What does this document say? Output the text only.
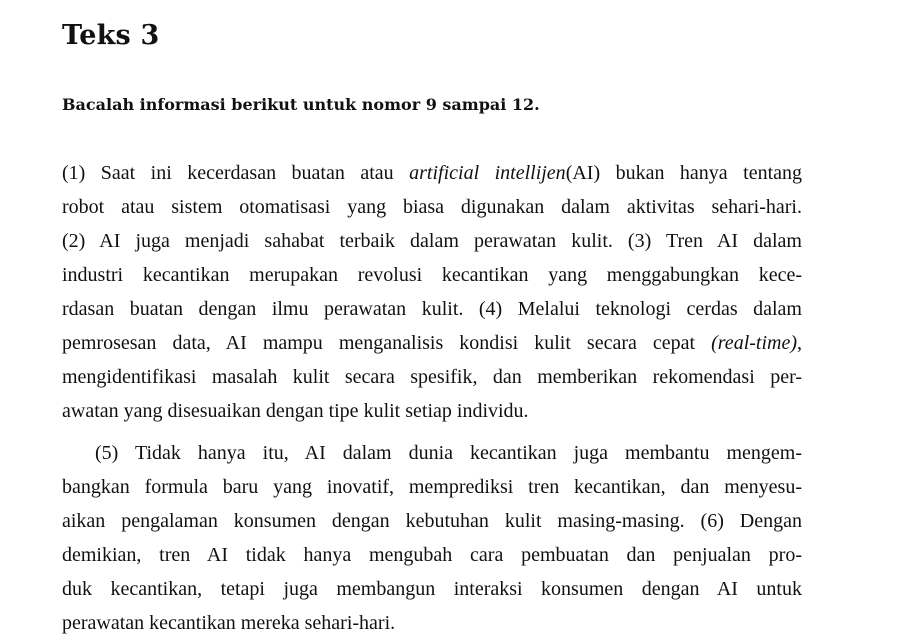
Teks 3

Bacalah informasi berikut untuk nomor 9 sampai 12.

(1) Saat ini kecerdasan buatan atau artificial intellijen(AI) bukan hanya tentang
robot atau sistem otomatisasi yang biasa digunakan dalam aktivitas sehari-hari.
(2) AI juga menjadi sahabat terbaik dalam perawatan kulit. (3) Tren AI dalam
industri kecantikan merupakan revolusi kecantikan yang menggabungkan kece-
rdasan buatan dengan ilmu perawatan kulit. (4) Melalui teknologi cerdas dalam
pemrosesan data, AI mampu menganalisis kondisi kulit secara cepat (real-time),
mengidentifikasi masalah kulit secara spesifik, dan memberikan rekomendasi per-
awatan yang disesuaikan dengan tipe kulit setiap individu.
(5) Tidak hanya itu, AI dalam dunia kecantikan juga membantu mengem-
bangkan formula baru yang inovatif, memprediksi tren kecantikan, dan menyesu-
aikan pengalaman konsumen dengan kebutuhan kulit masing-masing. (6) Dengan
demikian, tren AI tidak hanya mengubah cara pembuatan dan penjualan pro-
duk kecantikan, tetapi juga membangun interaksi konsumen dengan AI untuk
perawatan kecantikan mereka sehari-hari.
